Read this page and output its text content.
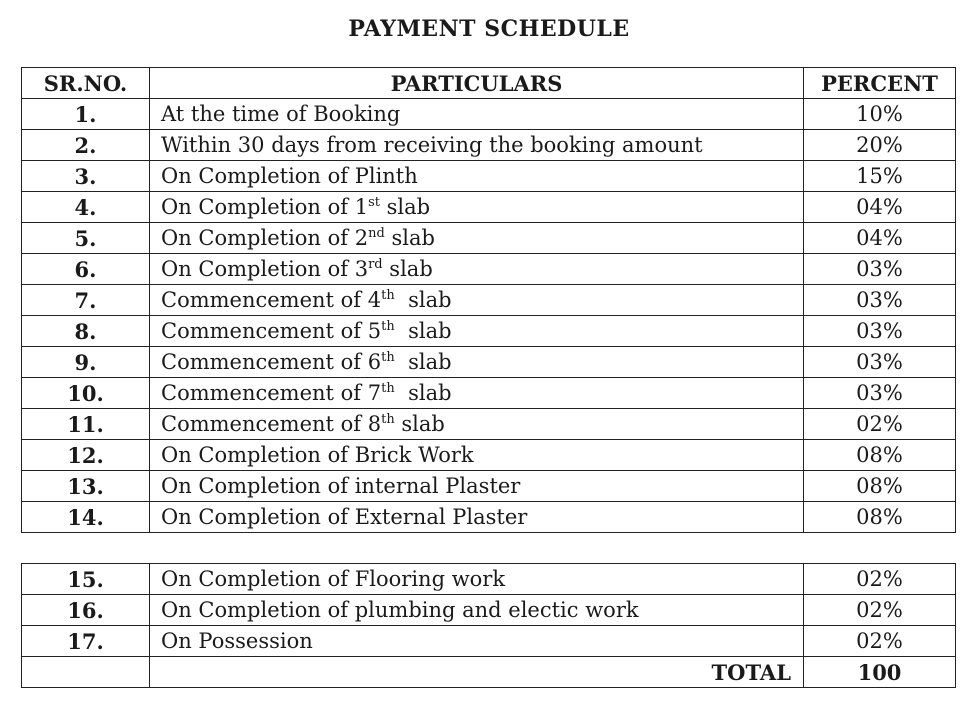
PAYMENT SCHEDULE
SR.NO.	PARTICULARS	PERCENT
1.	At the time of Booking	10%
2.	Within 30 days from receiving the booking amount	20%
3.	On Completion of Plinth	15%
4.	On Completion of 1st slab	04%
5.	On Completion of 2nd slab	04%
6.	On Completion of 3rd slab	03%
7.	Commencement of 4th  slab	03%
8.	Commencement of 5th  slab	03%
9.	Commencement of 6th  slab	03%
10.	Commencement of 7th  slab	03%
11.	Commencement of 8th slab	02%
12.	On Completion of Brick Work	08%
13.	On Completion of internal Plaster	08%
14.	On Completion of External Plaster	08%
15.	On Completion of Flooring work	02%
16.	On Completion of plumbing and electic work	02%
17.	On Possession	02%
	TOTAL	100
